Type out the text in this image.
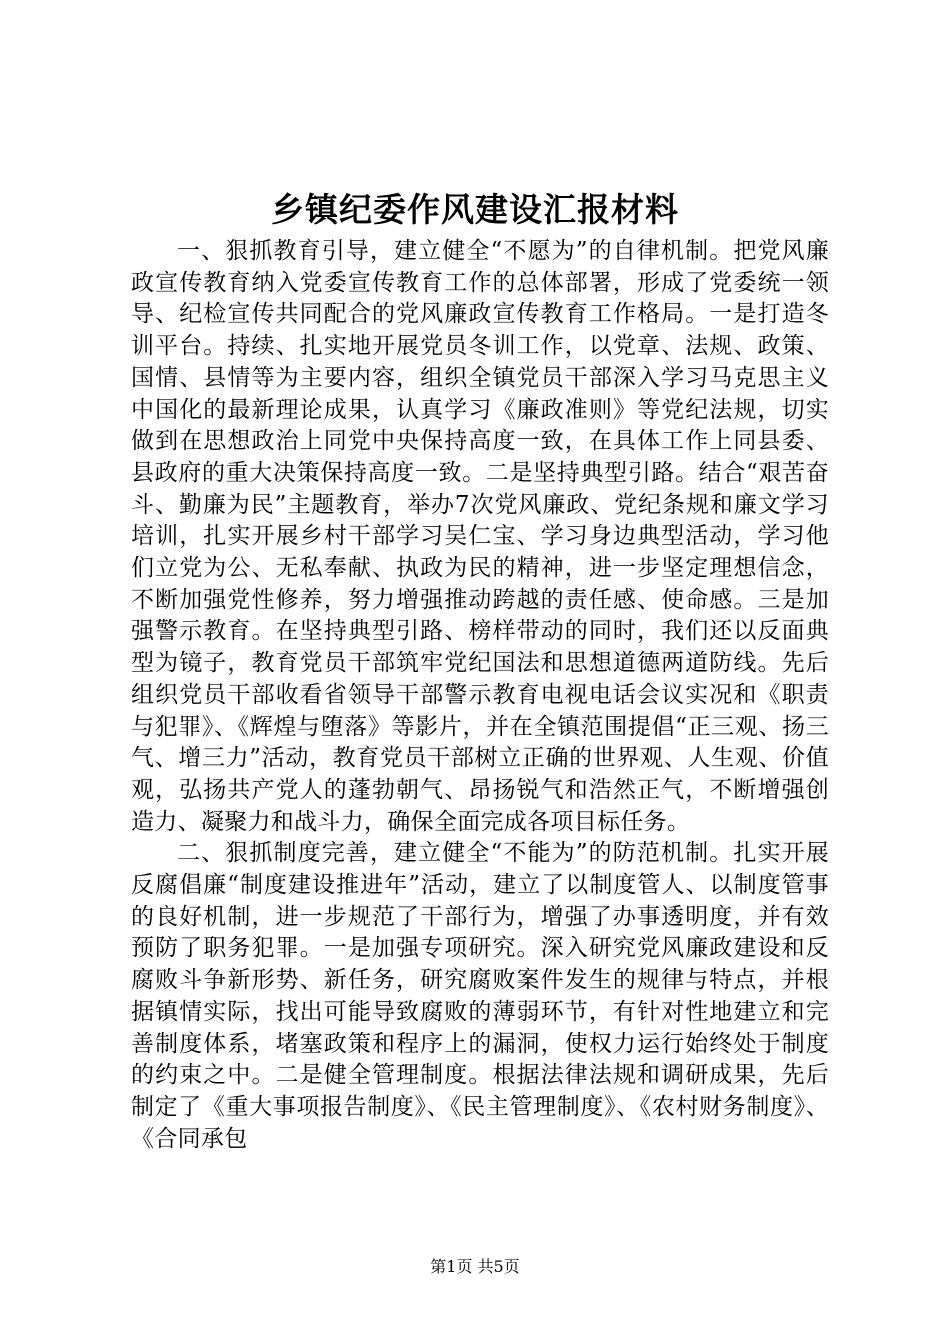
乡镇纪委作风建设汇报材料

一、狠抓教育引导，建立健全“不愿为”的自律机制。把党风廉政宣传教育纳入党委宣传教育工作的总体部署，形成了党委统一领导、纪检宣传共同配合的党风廉政宣传教育工作格局。一是打造冬训平台。持续、扎实地开展党员冬训工作，以党章、法规、政策、国情、县情等为主要内容，组织全镇党员干部深入学习马克思主义中国化的最新理论成果，认真学习《廉政准则》等党纪法规，切实做到在思想政治上同党中央保持高度一致，在具体工作上同县委、县政府的重大决策保持高度一致。二是坚持典型引路。结合“艰苦奋斗、勤廉为民”主题教育，举办7次党风廉政、党纪条规和廉文学习培训，扎实开展乡村干部学习吴仁宝、学习身边典型活动，学习他们立党为公、无私奉献、执政为民的精神，进一步坚定理想信念，不断加强党性修养，努力增强推动跨越的责任感、使命感。三是加强警示教育。在坚持典型引路、榜样带动的同时，我们还以反面典型为镜子，教育党员干部筑牢党纪国法和思想道德两道防线。先后组织党员干部收看省领导干部警示教育电视电话会议实况和《职责与犯罪》、《辉煌与堕落》等影片，并在全镇范围提倡“正三观、扬三气、增三力”活动，教育党员干部树立正确的世界观、人生观、价值观，弘扬共产党人的蓬勃朝气、昂扬锐气和浩然正气，不断增强创造力、凝聚力和战斗力，确保全面完成各项目标任务。

二、狠抓制度完善，建立健全“不能为”的防范机制。扎实开展反腐倡廉“制度建设推进年”活动，建立了以制度管人、以制度管事的良好机制，进一步规范了干部行为，增强了办事透明度，并有效预防了职务犯罪。一是加强专项研究。深入研究党风廉政建设和反腐败斗争新形势、新任务，研究腐败案件发生的规律与特点，并根据镇情实际，找出可能导致腐败的薄弱环节，有针对性地建立和完善制度体系，堵塞政策和程序上的漏洞，使权力运行始终处于制度的约束之中。二是健全管理制度。根据法律法规和调研成果，先后制定了《重大事项报告制度》、《民主管理制度》、《农村财务制度》、《合同承包

第1页 共5页
